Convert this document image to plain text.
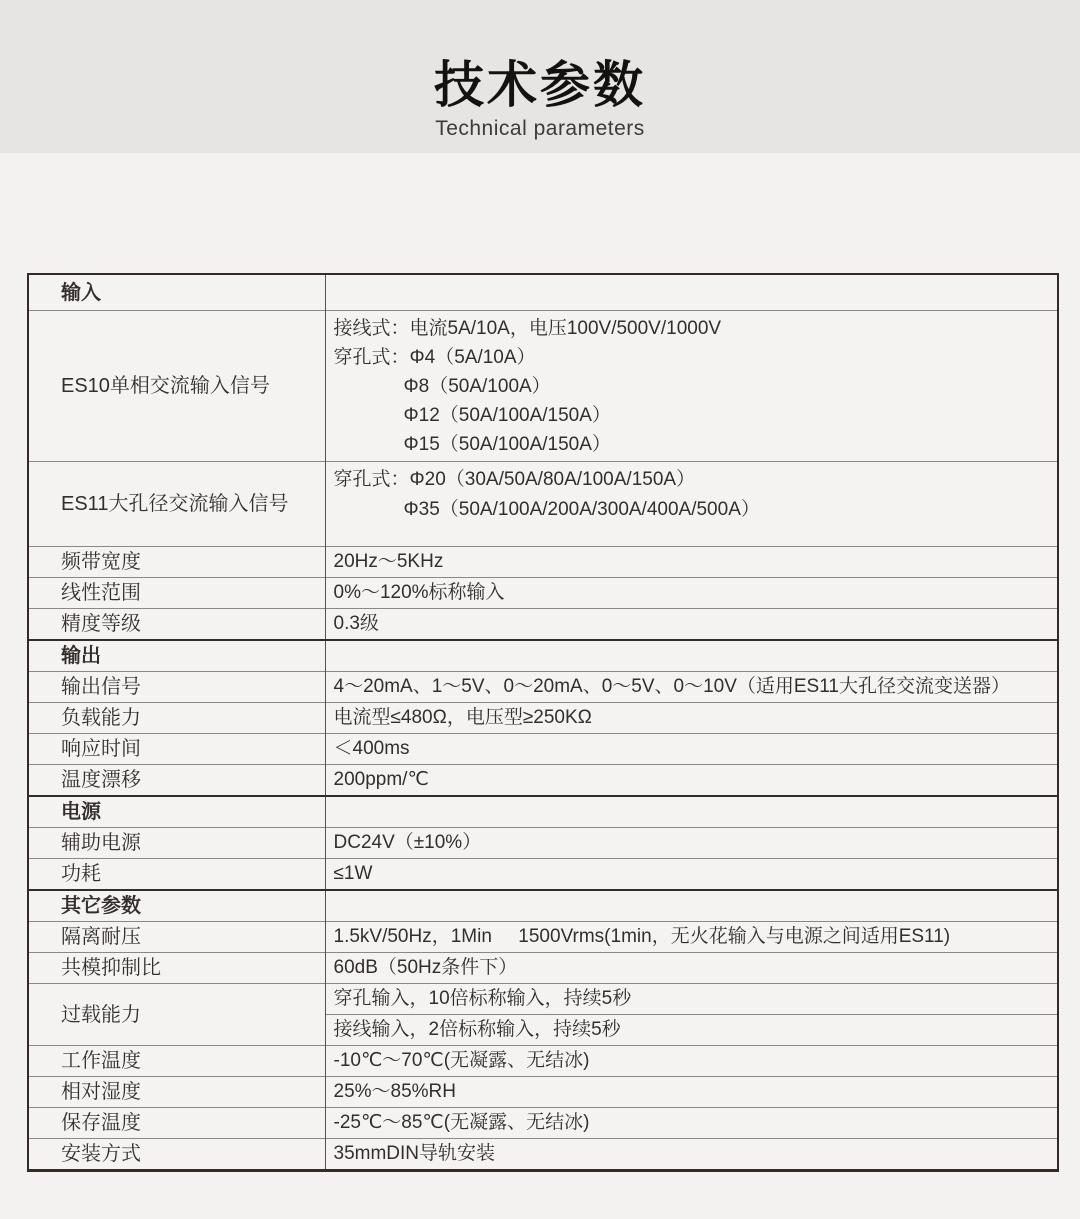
技术参数
Technical parameters
输入	
ES10单相交流输入信号	接线式：电流5A/10A，电压100V/500V/1000V
穿孔式：Φ4（5A/10A）
Φ8（50A/100A）
Φ12（50A/100A/150A）
Φ15（50A/100A/150A）

ES11大孔径交流输入信号	穿孔式：Φ20（30A/50A/80A/100A/150A）
Φ35（50A/100A/200A/300A/400A/500A）

频带宽度	20Hz～5KHz
线性范围	0%～120%标称输入
精度等级	0.3级
输出	
输出信号	4～20mA、1～5V、0～20mA、0～5V、0～10V（适用ES11大孔径交流变送器）
负载能力	电流型≤480Ω，电压型≥250KΩ
响应时间	＜400ms
温度漂移	200ppm/℃
电源	
辅助电源	DC24V（±10%）
功耗	≤1W
其它参数	
隔离耐压	1.5kV/50Hz，1Min     1500Vrms(1min，无火花输入与电源之间适用ES11)
共模抑制比	60dB（50Hz条件下）
过载能力	穿孔输入，10倍标称输入，持续5秒
	接线输入，2倍标称输入，持续5秒
工作温度	-10℃～70℃(无凝露、无结冰)
相对湿度	25%～85%RH
保存温度	-25℃～85℃(无凝露、无结冰)
安装方式	35mmDIN导轨安装
